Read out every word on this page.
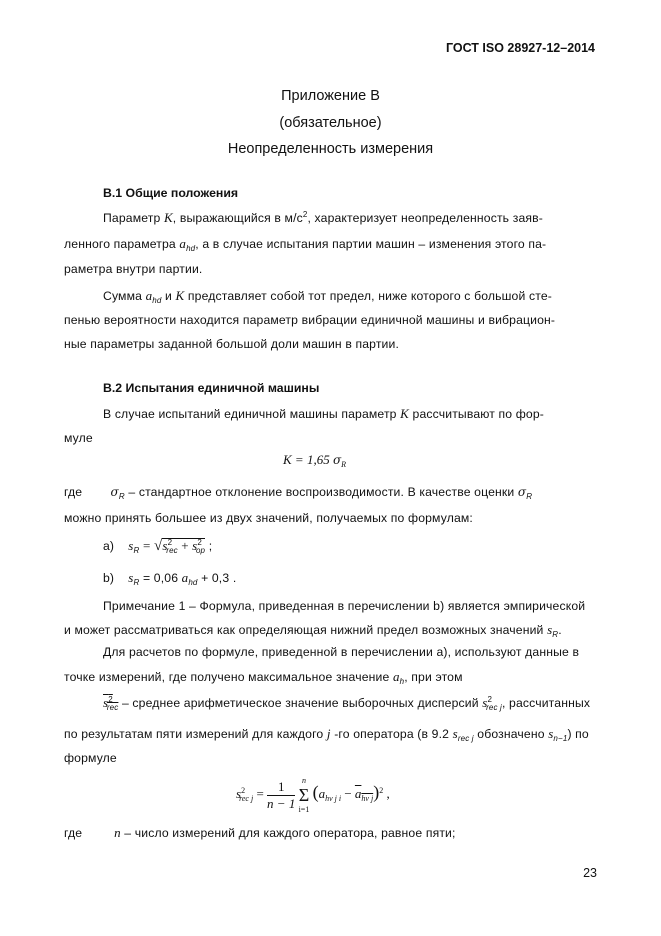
ГОСТ ISO 28927-12–2014
Приложение В
(обязательное)
Неопределенность измерения
В.1 Общие положения
Параметр K, выражающийся в $м/с^2$, характеризует неопределенность заяв-
ленного параметра $a_{hd}$, а в случае испытания партии машин – изменения этого па-
раметра внутри партии.
Сумма $a_{hd}$ и K представляет собой тот предел, ниже которого с большой сте-
пенью вероятности находится параметр вибрации единичной машины и вибрацион-
ные параметры заданной большой доли машин в партии.
В.2 Испытания единичной машины
В случае испытаний единичной машины параметр K рассчитывают по фор-
муле
K = 1,65 $\sigma_R$
где $\sigma_R$ – стандартное отклонение воспроизводимости. В качестве оценки $\sigma_R$
можно принять большее из двух значений, получаемых по формулам:
а) $s_R = √s^2_{rec} + s^2_{op}$ ;
b) $s_R = 0,06$ $a_{hd} + 0,3$ .
Примечание 1 – Формула, приведенная в перечислении b) является эмпирической
и может рассматриваться как определяющая нижний предел возможных значений $s_R$.
Для расчетов по формуле, приведенной в перечислении а), используют данные в
точке измерений, где получено максимальное значение $a_h$, при этом
$s^2_{rec}$ – среднее арифметическое значение выборочных дисперсий $s^2_{rec j}$, рассчитанных
по результатам пяти измерений для каждого j -го оператора (в 9.2 $s_{rec j}$ обозначено $s_{n-1}$) по
формуле
$s^2_{rec j} = \frac{1}{n - 1}$
n
Σ
i=1
$(a_{hv j i} - a_{hv j})^2$ ,
где n – число измерений для каждого оператора, равное пяти;
23
